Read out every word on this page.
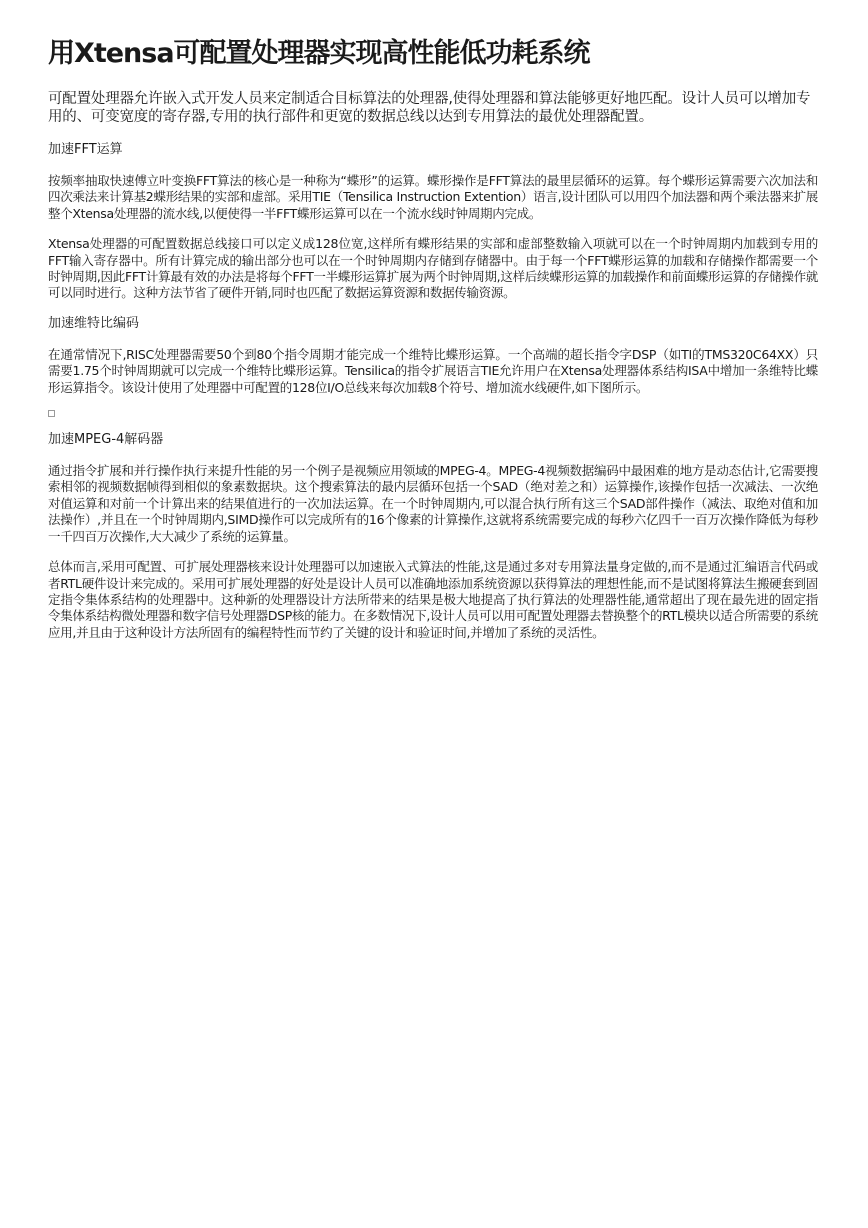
用Xtensa可配置处理器实现高性能低功耗系统

可配置处理器允许嵌入式开发人员来定制适合目标算法的处理器,使得处理器和算法能够更好地匹配。设计人员可以增加专用的、可变宽度的寄存器,专用的执行部件和更宽的数据总线以达到专用算法的最优处理器配置。

加速FFT运算

按频率抽取快速傅立叶变换FFT算法的核心是一种称为“蝶形”的运算。蝶形操作是FFT算法的最里层循环的运算。每个蝶形运算需要六次加法和四次乘法来计算基2蝶形结果的实部和虚部。采用TIE（Tensilica Instruction Extention）语言,设计团队可以用四个加法器和两个乘法器来扩展整个Xtensa处理器的流水线,以便使得一半FFT蝶形运算可以在一个流水线时钟周期内完成。

Xtensa处理器的可配置数据总线接口可以定义成128位宽,这样所有蝶形结果的实部和虚部整数输入项就可以在一个时钟周期内加载到专用的FFT输入寄存器中。所有计算完成的输出部分也可以在一个时钟周期内存储到存储器中。由于每一个FFT蝶形运算的加载和存储操作都需要一个时钟周期,因此FFT计算最有效的办法是将每个FFT一半蝶形运算扩展为两个时钟周期,这样后续蝶形运算的加载操作和前面蝶形运算的存储操作就可以同时进行。这种方法节省了硬件开销,同时也匹配了数据运算资源和数据传输资源。

加速维特比编码

在通常情况下,RISC处理器需要50个到80个指令周期才能完成一个维特比蝶形运算。一个高端的超长指令字DSP（如TI的TMS320C64XX）只需要1.75个时钟周期就可以完成一个维特比蝶形运算。Tensilica的指令扩展语言TIE允许用户在Xtensa处理器体系结构ISA中增加一条维特比蝶形运算指令。该设计使用了处理器中可配置的128位I/O总线来每次加载8个符号、增加流水线硬件,如下图所示。

加速MPEG-4解码器

通过指令扩展和并行操作执行来提升性能的另一个例子是视频应用领域的MPEG-4。MPEG-4视频数据编码中最困难的地方是动态估计,它需要搜索相邻的视频数据帧得到相似的象素数据块。这个搜索算法的最内层循环包括一个SAD（绝对差之和）运算操作,该操作包括一次减法、一次绝对值运算和对前一个计算出来的结果值进行的一次加法运算。在一个时钟周期内,可以混合执行所有这三个SAD部件操作（减法、取绝对值和加法操作）,并且在一个时钟周期内,SIMD操作可以完成所有的16个像素的计算操作,这就将系统需要完成的每秒六亿四千一百万次操作降低为每秒一千四百万次操作,大大减少了系统的运算量。

总体而言,采用可配置、可扩展处理器核来设计处理器可以加速嵌入式算法的性能,这是通过多对专用算法量身定做的,而不是通过汇编语言代码或者RTL硬件设计来完成的。采用可扩展处理器的好处是设计人员可以准确地添加系统资源以获得算法的理想性能,而不是试图将算法生搬硬套到固定指令集体系结构的处理器中。这种新的处理器设计方法所带来的结果是极大地提高了执行算法的处理器性能,通常超出了现在最先进的固定指令集体系结构微处理器和数字信号处理器DSP核的能力。在多数情况下,设计人员可以用可配置处理器去替换整个的RTL模块以适合所需要的系统应用,并且由于这种设计方法所固有的编程特性而节约了关键的设计和验证时间,并增加了系统的灵活性。
